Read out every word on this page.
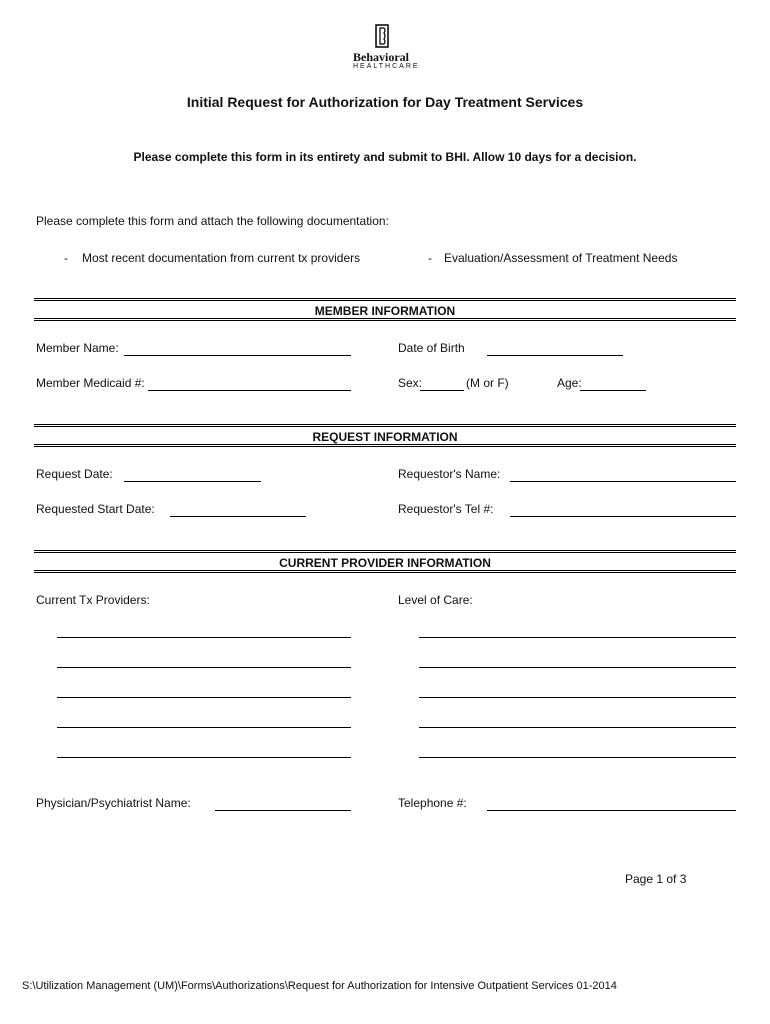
Behavioral
HEALTHCARE
Initial Request for Authorization for Day Treatment Services
Please complete this form in its entirety and submit to BHI. Allow 10 days for a decision.
Please complete this form and attach the following documentation:
- Most recent documentation from current tx providers	- Evaluation/Assessment of Treatment Needs
MEMBER INFORMATION
Member Name:	Date of Birth
Member Medicaid #:	Sex:	(M or F)	Age:
REQUEST INFORMATION
Request Date:	Requestor's Name:
Requested Start Date:	Requestor's Tel #:
CURRENT PROVIDER INFORMATION
Current Tx Providers:	Level of Care:
Physician/Psychiatrist Name:	Telephone #:
Page 1 of 3
S:\Utilization Management (UM)\Forms\Authorizations\Request for Authorization for Intensive Outpatient Services 01-2014
